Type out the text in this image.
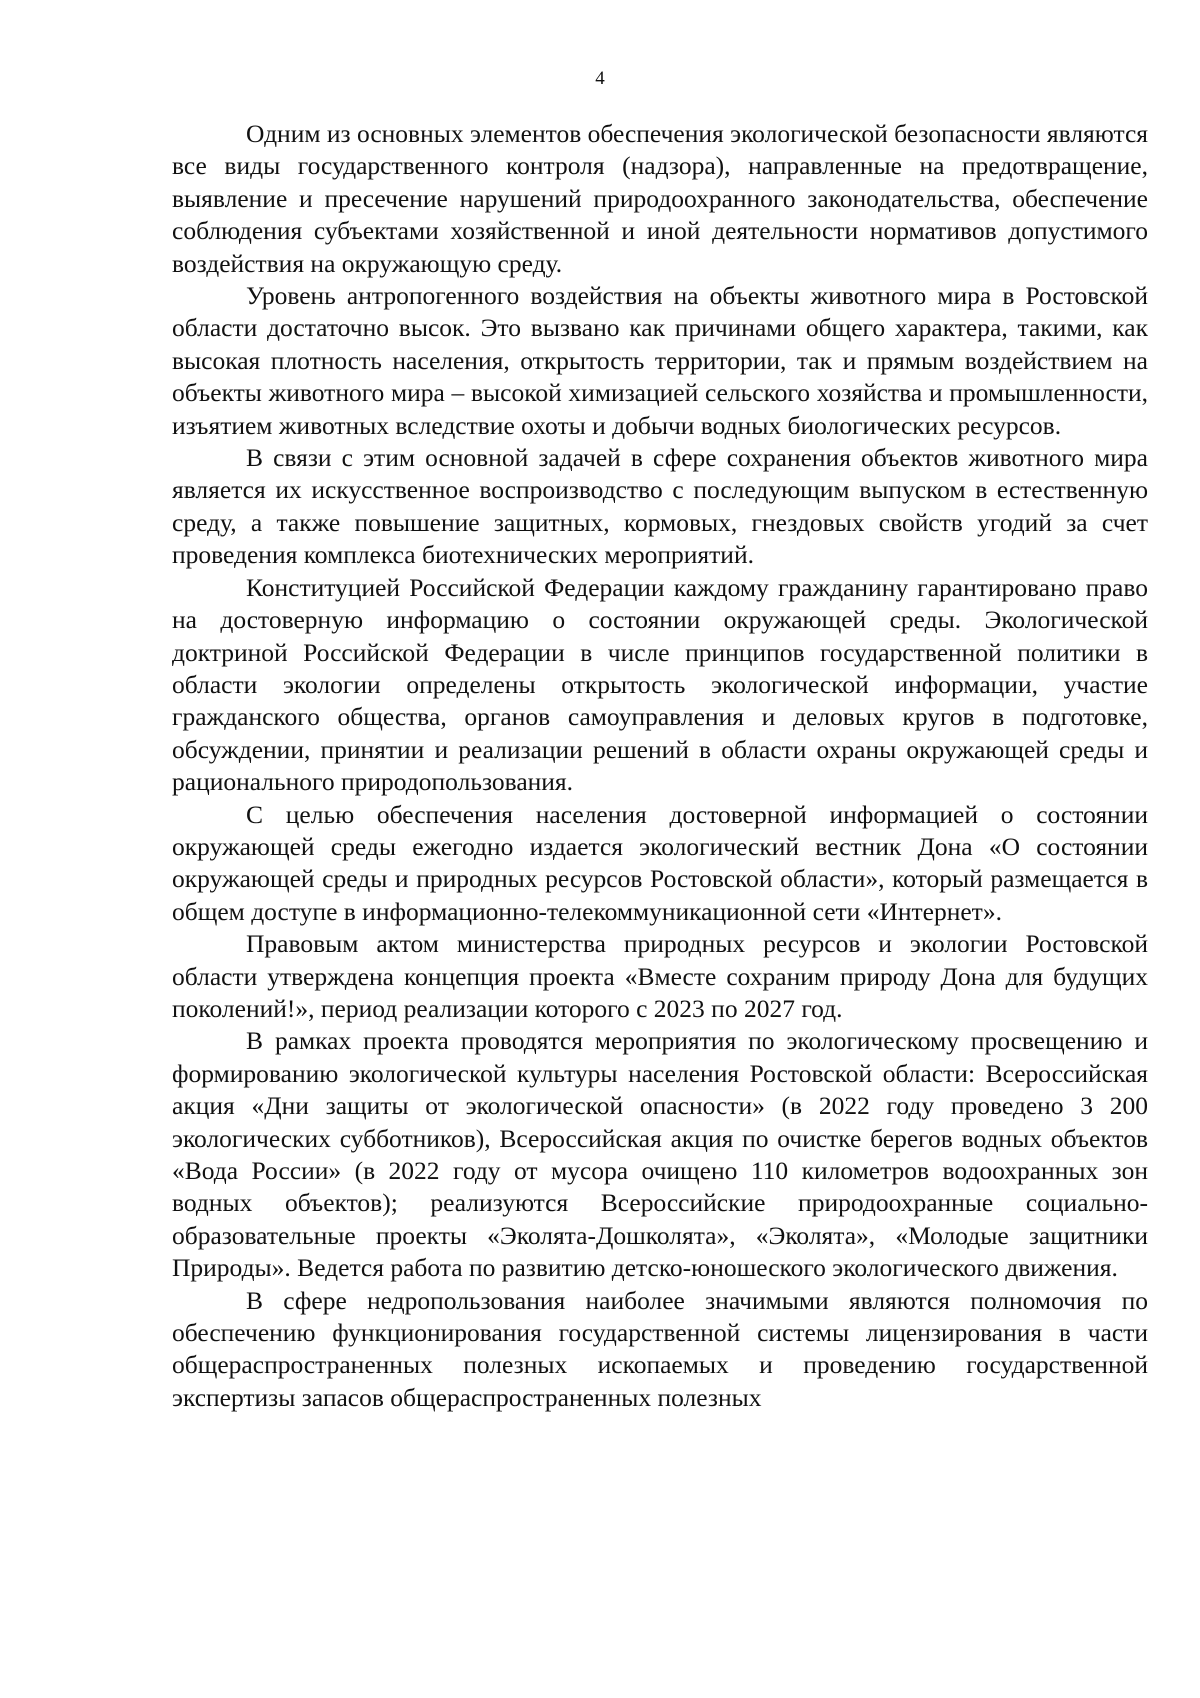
4

Одним из основных элементов обеспечения экологической безопасности являются все виды государственного контроля (надзора), направленные на предотвращение, выявление и пресечение нарушений природоохранного законодательства, обеспечение соблюдения субъектами хозяйственной и иной деятельности нормативов допустимого воздействия на окружающую среду.

Уровень антропогенного воздействия на объекты животного мира в Ростовской области достаточно высок. Это вызвано как причинами общего характера, такими, как высокая плотность населения, открытость территории, так и прямым воздействием на объекты животного мира – высокой химизацией сельского хозяйства и промышленности, изъятием животных вследствие охоты и добычи водных биологических ресурсов.

В связи с этим основной задачей в сфере сохранения объектов животного мира является их искусственное воспроизводство с последующим выпуском в естественную среду, а также повышение защитных, кормовых, гнездовых свойств угодий за счет проведения комплекса биотехнических мероприятий.

Конституцией Российской Федерации каждому гражданину гарантировано право на достоверную информацию о состоянии окружающей среды. Экологической доктриной Российской Федерации в числе принципов государственной политики в области экологии определены открытость экологической информации, участие гражданского общества, органов самоуправления и деловых кругов в подготовке, обсуждении, принятии и реализации решений в области охраны окружающей среды и рационального природопользования.

С целью обеспечения населения достоверной информацией о состоянии окружающей среды ежегодно издается экологический вестник Дона «О состоянии окружающей среды и природных ресурсов Ростовской области», который размещается в общем доступе в информационно-телекоммуникационной сети «Интернет».

Правовым актом министерства природных ресурсов и экологии Ростовской области утверждена концепция проекта «Вместе сохраним природу Дона для будущих поколений!», период реализации которого с 2023 по 2027 год.

В рамках проекта проводятся мероприятия по экологическому просвещению и формированию экологической культуры населения Ростовской области: Всероссийская акция «Дни защиты от экологической опасности» (в 2022 году проведено 3 200 экологических субботников), Всероссийская акция по очистке берегов водных объектов «Вода России» (в 2022 году от мусора очищено 110 километров водоохранных зон водных объектов); реализуются Всероссийские природоохранные социально-образовательные проекты «Эколята-Дошколята», «Эколята», «Молодые защитники Природы». Ведется работа по развитию детско-юношеского экологического движения.

В сфере недропользования наиболее значимыми являются полномочия по обеспечению функционирования государственной системы лицензирования в части общераспространенных полезных ископаемых и проведению государственной экспертизы запасов общераспространенных полезных
